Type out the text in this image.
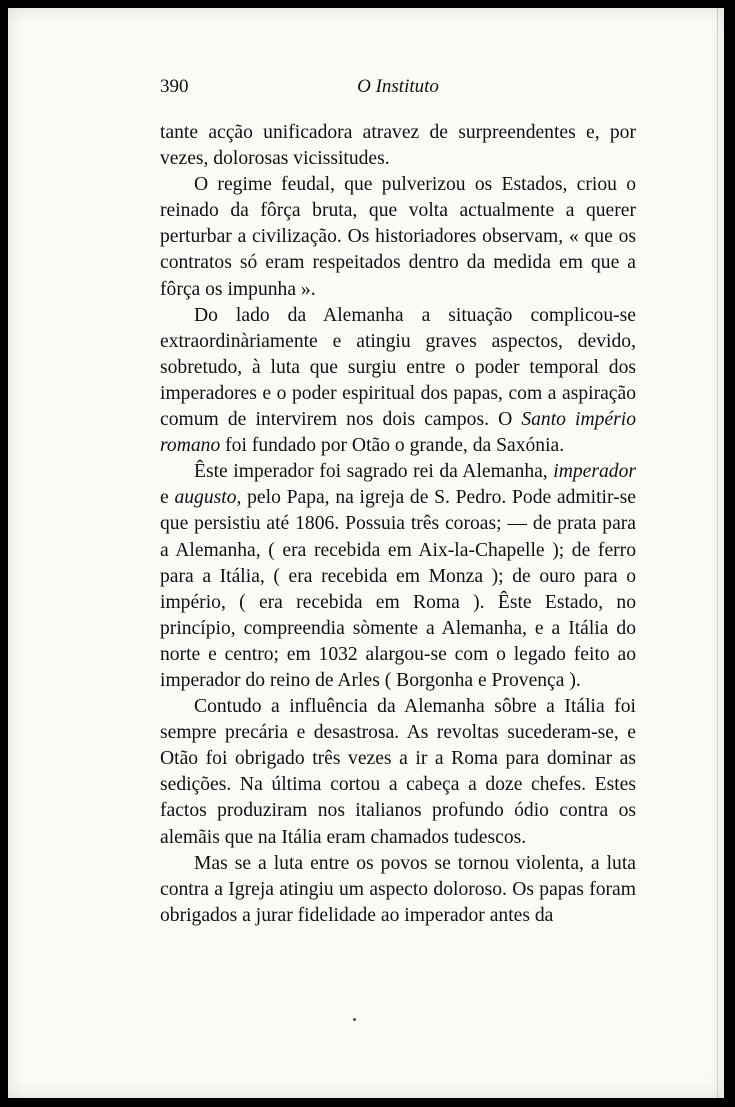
390	O Instituto

tante acção unificadora atravez de surpreendentes e, por vezes, dolorosas vicissitudes.

O regime feudal, que pulverizou os Estados, criou o reinado da fôrça bruta, que volta actualmente a querer perturbar a civilização. Os historiadores observam, « que os contratos só eram respeitados dentro da medida em que a fôrça os impunha ».

Do lado da Alemanha a situação complicou-se extraordinàriamente e atingiu graves aspectos, devido, sobretudo, à luta que surgiu entre o poder temporal dos imperadores e o poder espiritual dos papas, com a aspiração comum de intervirem nos dois campos. O Santo império romano foi fundado por Otão o grande, da Saxónia.

Êste imperador foi sagrado rei da Alemanha, imperador e augusto, pelo Papa, na igreja de S. Pedro. Pode admitir-se que persistiu até 1806. Possuia três coroas; — de prata para a Alemanha, ( era recebida em Aix-la-Chapelle ); de ferro para a Itália, ( era recebida em Monza ); de ouro para o império, ( era recebida em Roma ). Êste Estado, no princípio, compreendia sòmente a Alemanha, e a Itália do norte e centro; em 1032 alargou-se com o legado feito ao imperador do reino de Arles ( Borgonha e Provença ).

Contudo a influência da Alemanha sôbre a Itália foi sempre precária e desastrosa. As revoltas sucederam-se, e Otão foi obrigado três vezes a ir a Roma para dominar as sedições. Na última cortou a cabeça a doze chefes. Estes factos produziram nos italianos profundo ódio contra os alemãis que na Itália eram chamados tudescos.

Mas se a luta entre os povos se tornou violenta, a luta contra a Igreja atingiu um aspecto doloroso. Os papas foram obrigados a jurar fidelidade ao imperador antes da
